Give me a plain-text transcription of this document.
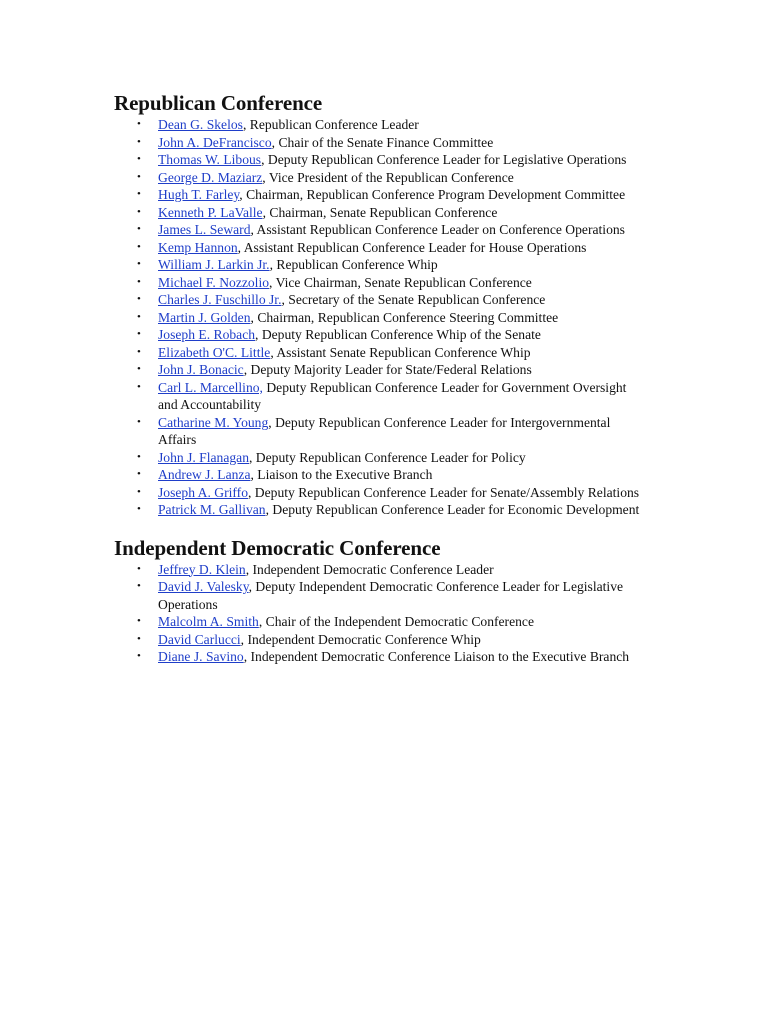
Republican Conference
• Dean G. Skelos, Republican Conference Leader
• John A. DeFrancisco, Chair of the Senate Finance Committee
• Thomas W. Libous, Deputy Republican Conference Leader for Legislative Operations
• George D. Maziarz, Vice President of the Republican Conference
• Hugh T. Farley, Chairman, Republican Conference Program Development Committee
• Kenneth P. LaValle, Chairman, Senate Republican Conference
• James L. Seward, Assistant Republican Conference Leader on Conference Operations
• Kemp Hannon, Assistant Republican Conference Leader for House Operations
• William J. Larkin Jr., Republican Conference Whip
• Michael F. Nozzolio, Vice Chairman, Senate Republican Conference
• Charles J. Fuschillo Jr., Secretary of the Senate Republican Conference
• Martin J. Golden, Chairman, Republican Conference Steering Committee
• Joseph E. Robach, Deputy Republican Conference Whip of the Senate
• Elizabeth O'C. Little, Assistant Senate Republican Conference Whip
• John J. Bonacic, Deputy Majority Leader for State/Federal Relations
• Carl L. Marcellino, Deputy Republican Conference Leader for Government Oversight and Accountability
• Catharine M. Young, Deputy Republican Conference Leader for Intergovernmental Affairs
• John J. Flanagan, Deputy Republican Conference Leader for Policy
• Andrew J. Lanza, Liaison to the Executive Branch
• Joseph A. Griffo, Deputy Republican Conference Leader for Senate/Assembly Relations
• Patrick M. Gallivan, Deputy Republican Conference Leader for Economic Development
Independent Democratic Conference
• Jeffrey D. Klein, Independent Democratic Conference Leader
• David J. Valesky, Deputy Independent Democratic Conference Leader for Legislative Operations
• Malcolm A. Smith, Chair of the Independent Democratic Conference
• David Carlucci, Independent Democratic Conference Whip
• Diane J. Savino, Independent Democratic Conference Liaison to the Executive Branch
